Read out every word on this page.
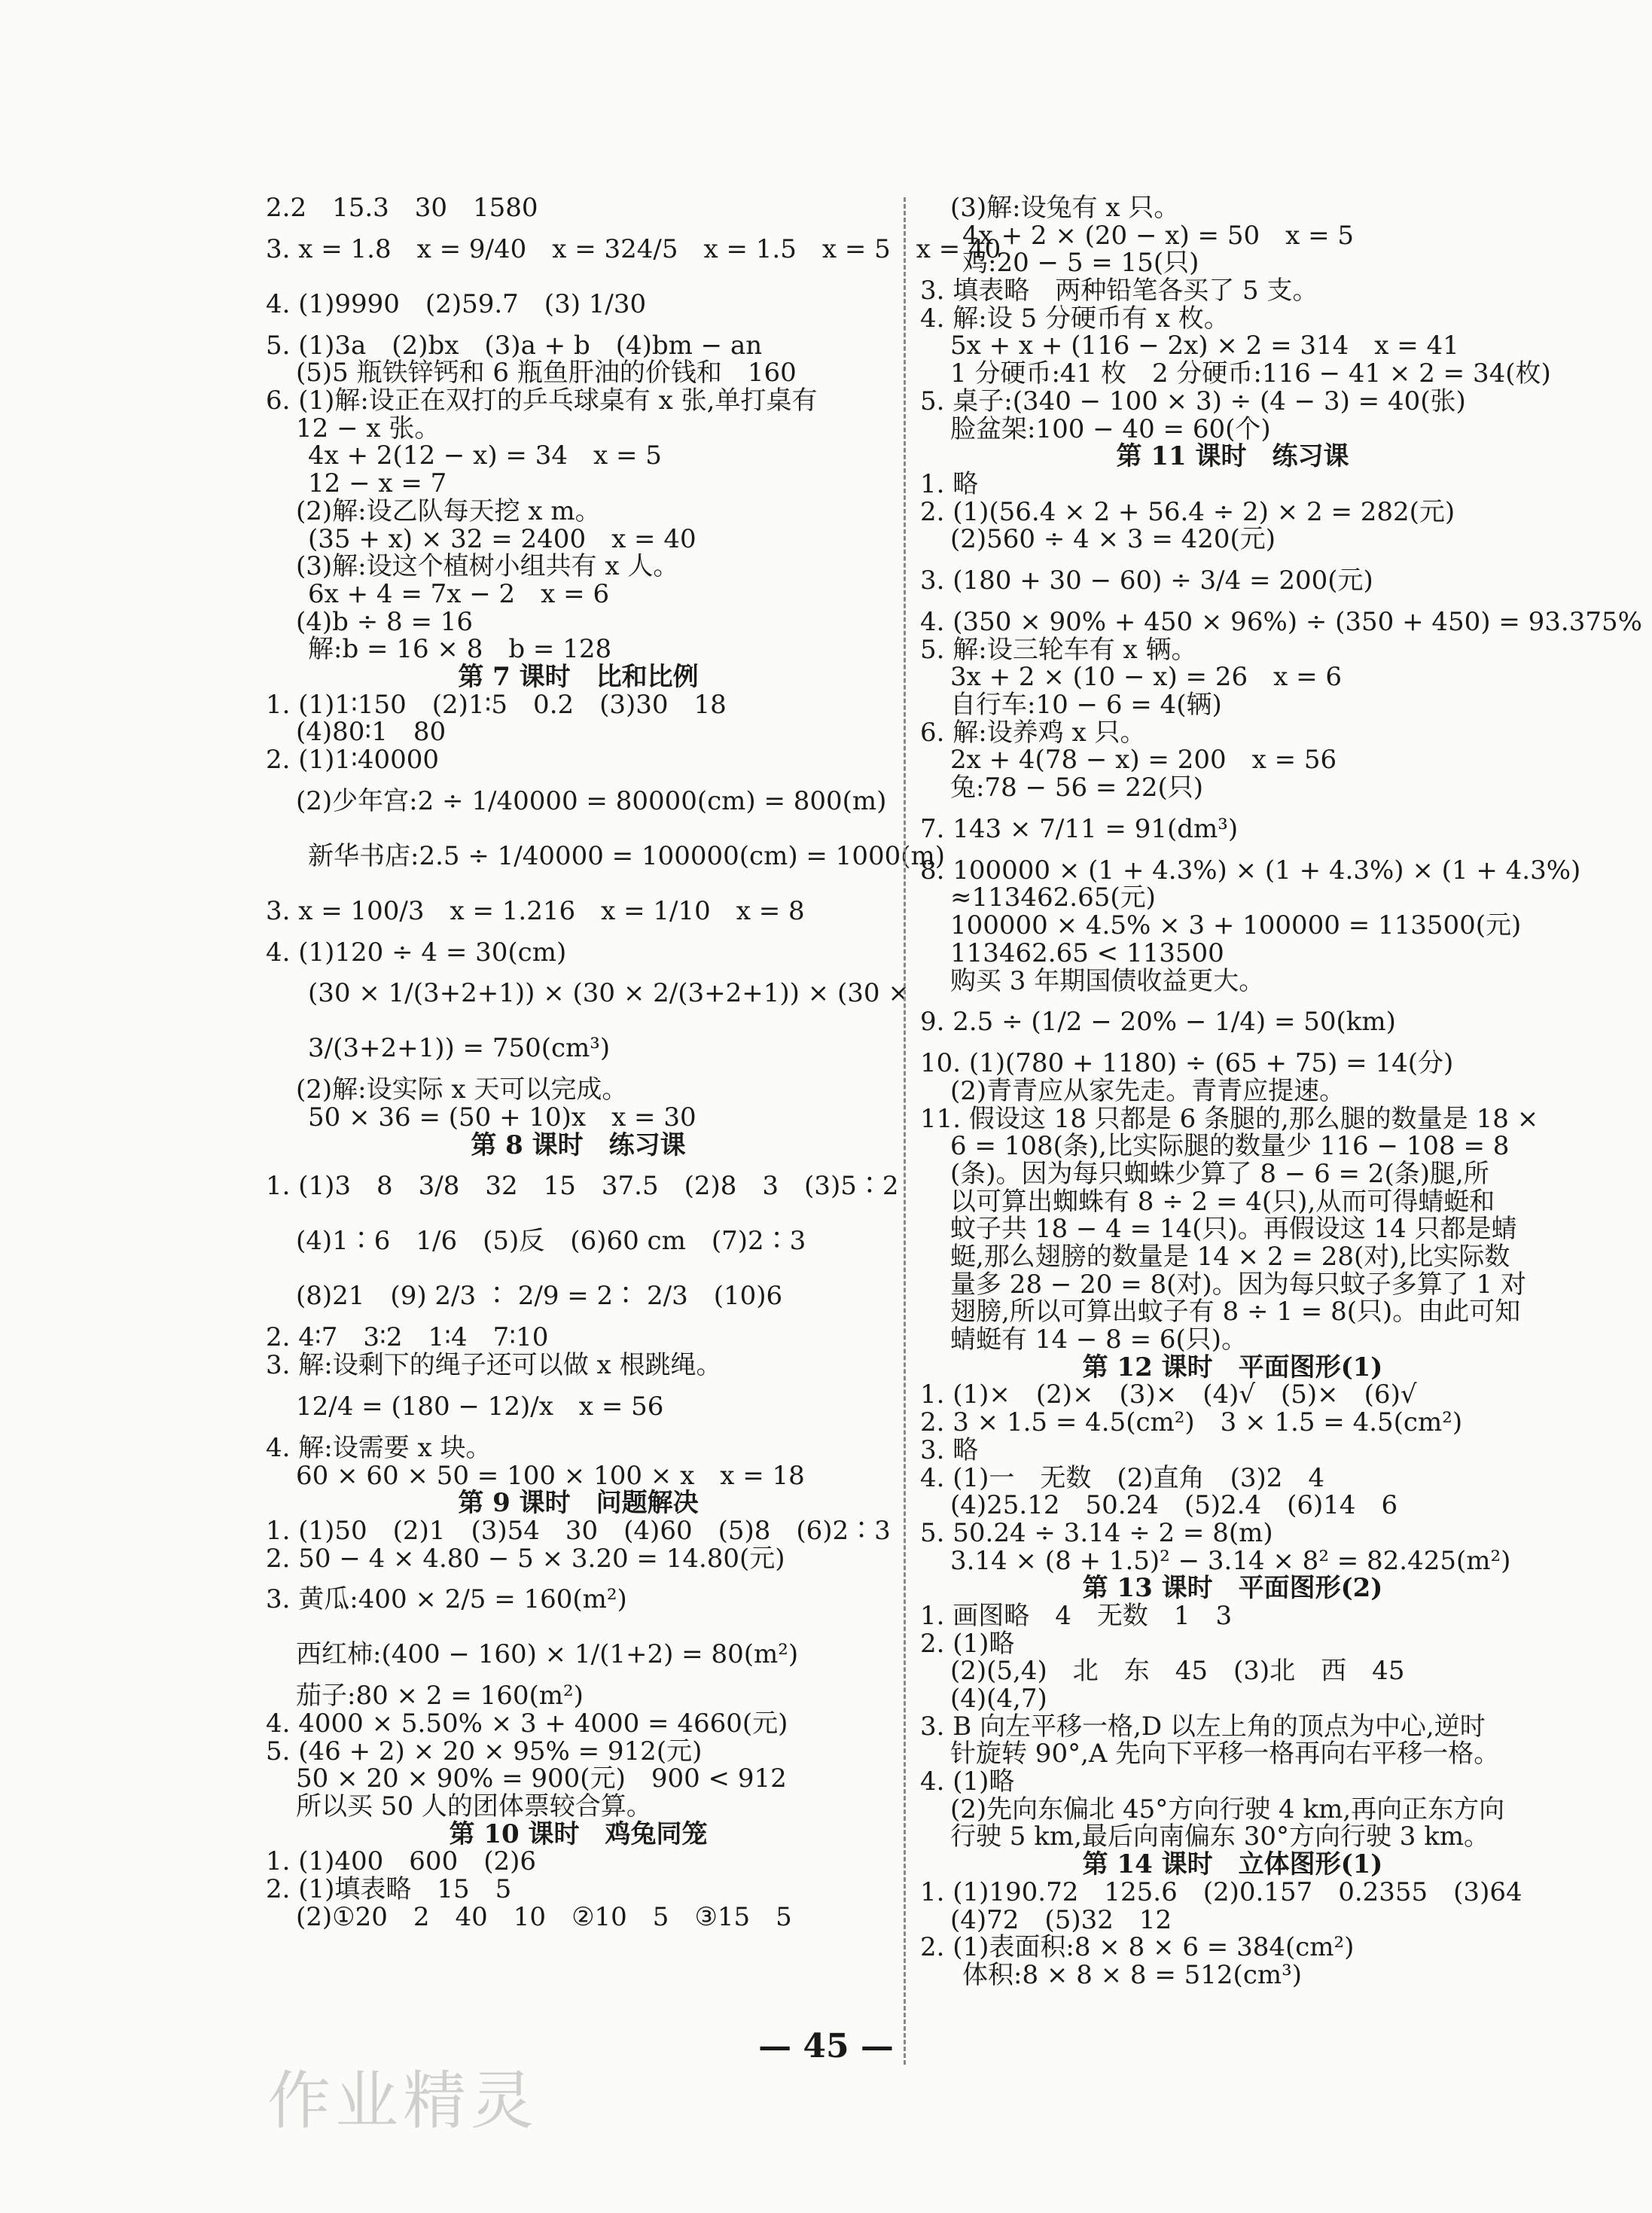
2.2　15.3　30　1580
3. x = 1.8　x = 9/40　x = 324/5　x = 1.5　x = 5　x = 40
4. (1)9990　(2)59.7　(3) 1/30
5. (1)3a　(2)bx　(3)a + b　(4)bm − an
(5)5 瓶铁锌钙和 6 瓶鱼肝油的价钱和　160
6. (1)解:设正在双打的乒乓球桌有 x 张,单打桌有
12 − x 张。
4x + 2(12 − x) = 34　x = 5
12 − x = 7
(2)解:设乙队每天挖 x m。
(35 + x) × 32 = 2400　x = 40
(3)解:设这个植树小组共有 x 人。
6x + 4 = 7x − 2　x = 6
(4)b ÷ 8 = 16
解:b = 16 × 8　b = 128
第 7 课时　比和比例
1. (1)1∶150　(2)1∶5　0.2　(3)30　18
(4)80∶1　80
2. (1)1∶40000
(2)少年宫:2 ÷ 1/40000 = 80000(cm) = 800(m)
新华书店:2.5 ÷ 1/40000 = 100000(cm) = 1000(m)
3. x = 100/3　x = 1.216　x = 1/10　x = 8
4. (1)120 ÷ 4 = 30(cm)
(30 × 1/(3+2+1)) × (30 × 2/(3+2+1)) × (30 ×
3/(3+2+1)) = 750(cm³)
(2)解:设实际 x 天可以完成。
50 × 36 = (50 + 10)x　x = 30
第 8 课时　练习课
1. (1)3　8　3/8　32　15　37.5　(2)8　3　(3)5∶2
(4)1∶6　1/6　(5)反　(6)60 cm　(7)2∶3
(8)21　(9) 2/3 ∶ 2/9 = 2∶ 2/3　(10)6
2. 4∶7　3∶2　1∶4　7∶10
3. 解:设剩下的绳子还可以做 x 根跳绳。
12/4 = (180 − 12)/x　x = 56
4. 解:设需要 x 块。
60 × 60 × 50 = 100 × 100 × x　x = 18
第 9 课时　问题解决
1. (1)50　(2)1　(3)54　30　(4)60　(5)8　(6)2∶3
2. 50 − 4 × 4.80 − 5 × 3.20 = 14.80(元)
3. 黄瓜:400 × 2/5 = 160(m²)
西红柿:(400 − 160) × 1/(1+2) = 80(m²)
茄子:80 × 2 = 160(m²)
4. 4000 × 5.50% × 3 + 4000 = 4660(元)
5. (46 + 2) × 20 × 95% = 912(元)
50 × 20 × 90% = 900(元)　900 < 912
所以买 50 人的团体票较合算。
第 10 课时　鸡兔同笼
1. (1)400　600　(2)6
2. (1)填表略　15　5
(2)①20　2　40　10　②10　5　③15　5
(3)解:设兔有 x 只。
4x + 2 × (20 − x) = 50　x = 5
鸡:20 − 5 = 15(只)
3. 填表略　两种铅笔各买了 5 支。
4. 解:设 5 分硬币有 x 枚。
5x + x + (116 − 2x) × 2 = 314　x = 41
1 分硬币:41 枚　2 分硬币:116 − 41 × 2 = 34(枚)
5. 桌子:(340 − 100 × 3) ÷ (4 − 3) = 40(张)
脸盆架:100 − 40 = 60(个)
第 11 课时　练习课
1. 略
2. (1)(56.4 × 2 + 56.4 ÷ 2) × 2 = 282(元)
(2)560 ÷ 4 × 3 = 420(元)
3. (180 + 30 − 60) ÷ 3/4 = 200(元)
4. (350 × 90% + 450 × 96%) ÷ (350 + 450) = 93.375%
5. 解:设三轮车有 x 辆。
3x + 2 × (10 − x) = 26　x = 6
自行车:10 − 6 = 4(辆)
6. 解:设养鸡 x 只。
2x + 4(78 − x) = 200　x = 56
兔:78 − 56 = 22(只)
7. 143 × 7/11 = 91(dm³)
8. 100000 × (1 + 4.3%) × (1 + 4.3%) × (1 + 4.3%)
≈113462.65(元)
100000 × 4.5% × 3 + 100000 = 113500(元)
113462.65 < 113500
购买 3 年期国债收益更大。
9. 2.5 ÷ (1/2 − 20% − 1/4) = 50(km)
10. (1)(780 + 1180) ÷ (65 + 75) = 14(分)
(2)青青应从家先走。青青应提速。
11. 假设这 18 只都是 6 条腿的,那么腿的数量是 18 ×
6 = 108(条),比实际腿的数量少 116 − 108 = 8
(条)。因为每只蜘蛛少算了 8 − 6 = 2(条)腿,所
以可算出蜘蛛有 8 ÷ 2 = 4(只),从而可得蜻蜓和
蚊子共 18 − 4 = 14(只)。再假设这 14 只都是蜻
蜓,那么翅膀的数量是 14 × 2 = 28(对),比实际数
量多 28 − 20 = 8(对)。因为每只蚊子多算了 1 对
翅膀,所以可算出蚊子有 8 ÷ 1 = 8(只)。由此可知
蜻蜓有 14 − 8 = 6(只)。
第 12 课时　平面图形(1)
1. (1)×　(2)×　(3)×　(4)√　(5)×　(6)√
2. 3 × 1.5 = 4.5(cm²)　3 × 1.5 = 4.5(cm²)
3. 略
4. (1)一　无数　(2)直角　(3)2　4
(4)25.12　50.24　(5)2.4　(6)14　6
5. 50.24 ÷ 3.14 ÷ 2 = 8(m)
3.14 × (8 + 1.5)² − 3.14 × 8² = 82.425(m²)
第 13 课时　平面图形(2)
1. 画图略　4　无数　1　3
2. (1)略
(2)(5,4)　北　东　45　(3)北　西　45
(4)(4,7)
3. B 向左平移一格,D 以左上角的顶点为中心,逆时
针旋转 90°,A 先向下平移一格再向右平移一格。
4. (1)略
(2)先向东偏北 45°方向行驶 4 km,再向正东方向
行驶 5 km,最后向南偏东 30°方向行驶 3 km。
第 14 课时　立体图形(1)
1. (1)190.72　125.6　(2)0.157　0.2355　(3)64
(4)72　(5)32　12
2. (1)表面积:8 × 8 × 6 = 384(cm²)
体积:8 × 8 × 8 = 512(cm³)
— 45 —
作业精灵
